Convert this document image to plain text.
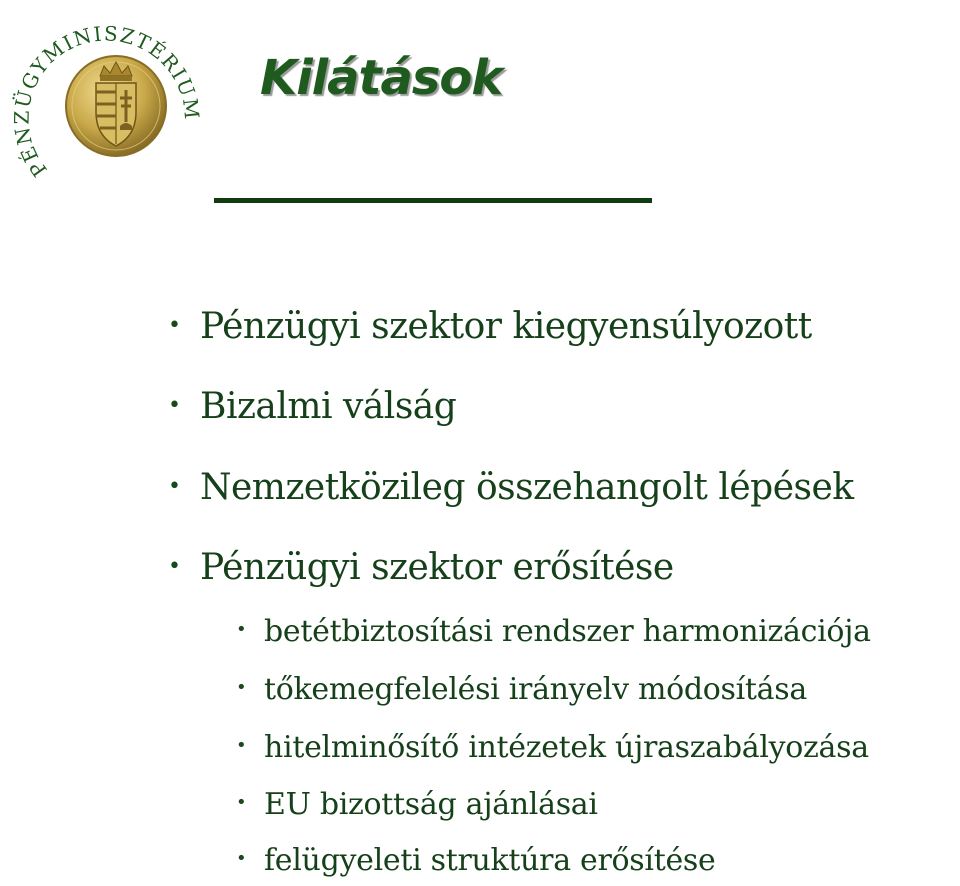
PÉNZÜGYMINISZTÉRIUM
Kilátások
• Pénzügyi szektor kiegyensúlyozott
• Bizalmi válság
• Nemzetközileg összehangolt lépések
• Pénzügyi szektor erősítése
• betétbiztosítási rendszer harmonizációja
• tőkemegfelelési irányelv módosítása
• hitelminősítő intézetek újraszabályozása
• EU bizottság ajánlásai
• felügyeleti struktúra erősítése
